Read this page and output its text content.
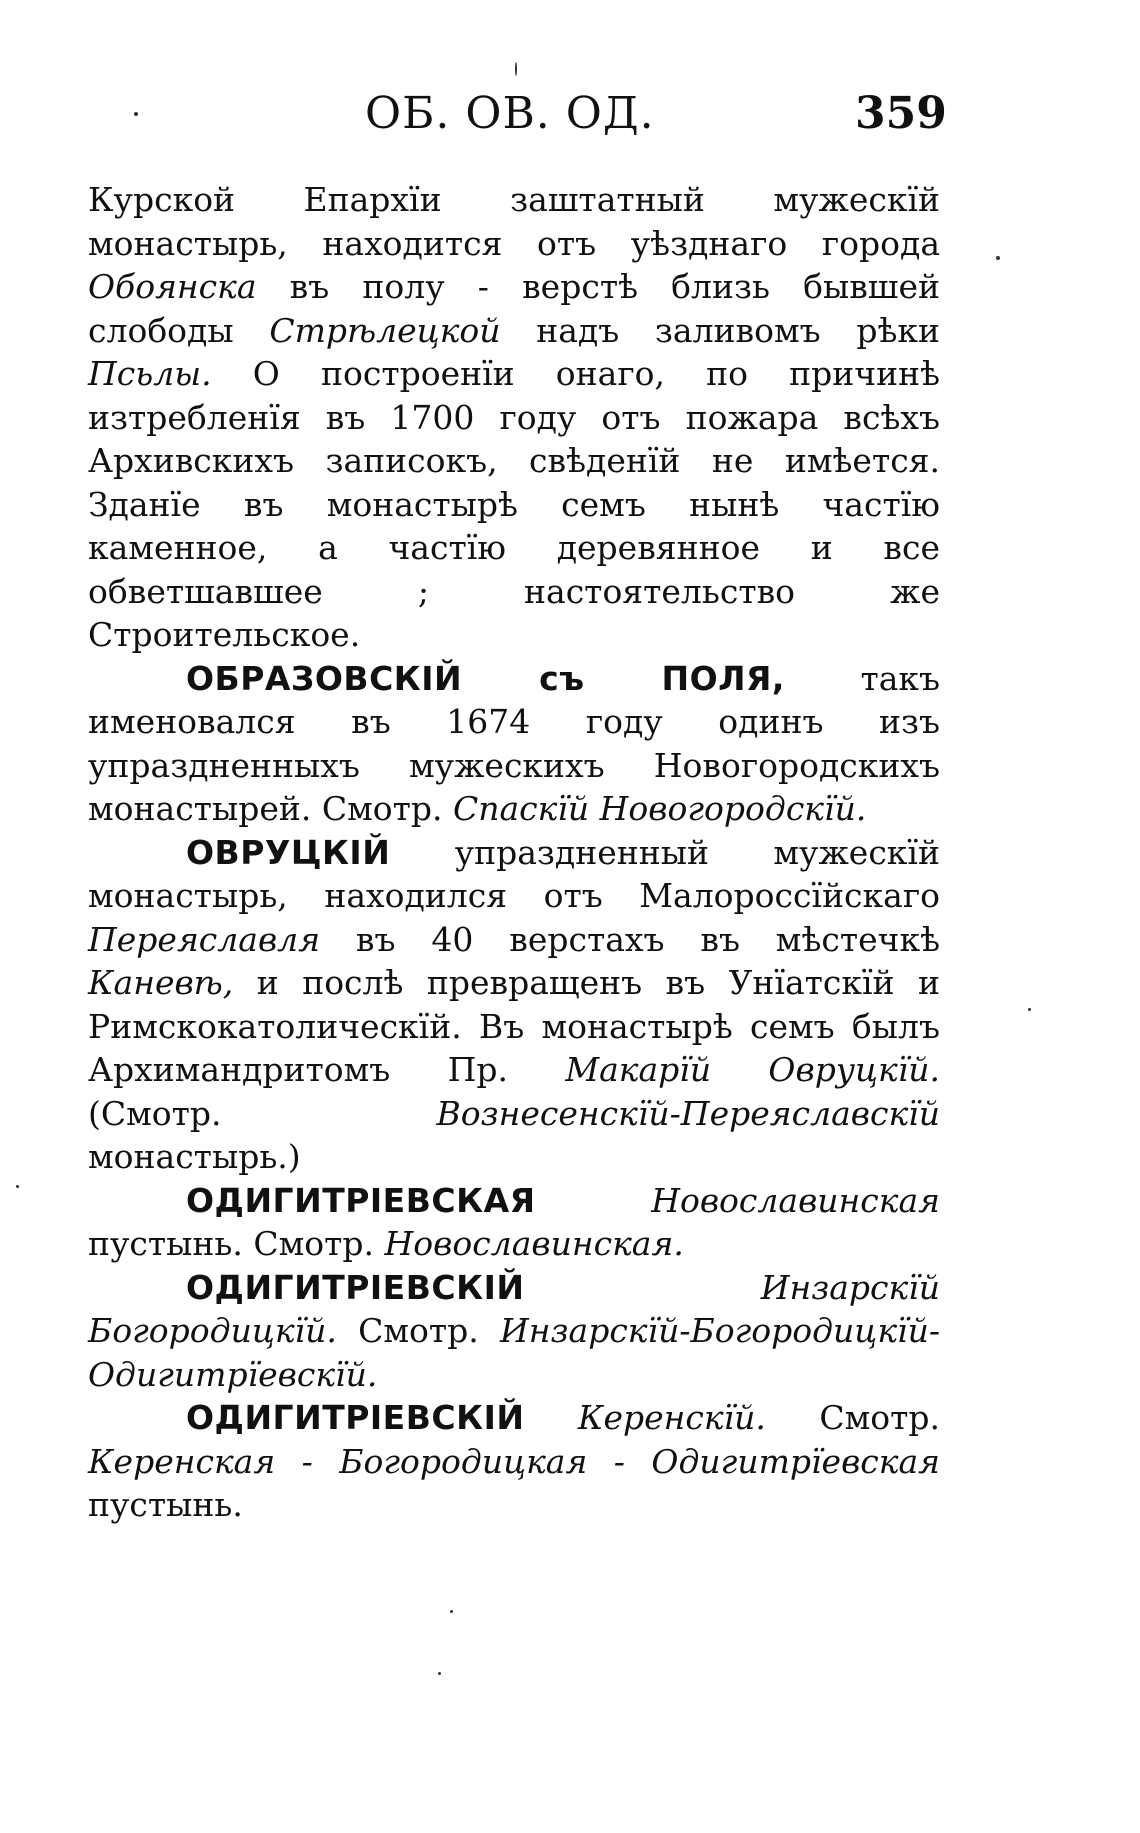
ОБ. ОВ. ОД.	359

Курской Епархїи заштатный мужескїй монастырь, находится отъ уѣзднаго города Обоянска въ полу - верстѣ близь бывшей слободы Стрѣлецкой надъ заливомъ рѣки Псьлы. О построенїи онаго, по причинѣ изтребленїя въ 1700 году отъ пожара всѣхъ Архивскихъ записокъ, свѣденїй не имѣется. Зданїе въ монастырѣ семъ нынѣ частїю каменное, а частїю деревянное и все обветшавшее ; настоятельство же Строительское.

ОБРАЗОВСКІЙ съ ПОЛЯ, такъ именовался въ 1674 году одинъ изъ упраздненныхъ мужескихъ Новогородскихъ монастырей. Смотр. Спаскїй Новогородскїй.

ОВРУЦКІЙ упраздненный мужескїй монастырь, находился отъ Малороссїйскаго Переяславля въ 40 верстахъ въ мѣстечкѣ Каневѣ, и послѣ превращенъ въ Унїатскїй и Римскокатолическїй. Въ монастырѣ семъ былъ Архимандритомъ Пр. Макарїй Овруцкїй. (Смотр. Вознесенскїй-Переяславскїй монастырь.)

ОДИГИТРІЕВСКАЯ	Новославинская пустынь. Смотр. Новославинская.

ОДИГИТРІЕВСКІЙ	Инзарскїй Богородицкїй. Смотр. Инзарскїй-Богородицкїй-Одигитрїевскїй.

ОДИГИТРІЕВСКІЙ Керенскїй. Смотр. Керенская - Богородицкая - Одигитрїевская пустынь.
